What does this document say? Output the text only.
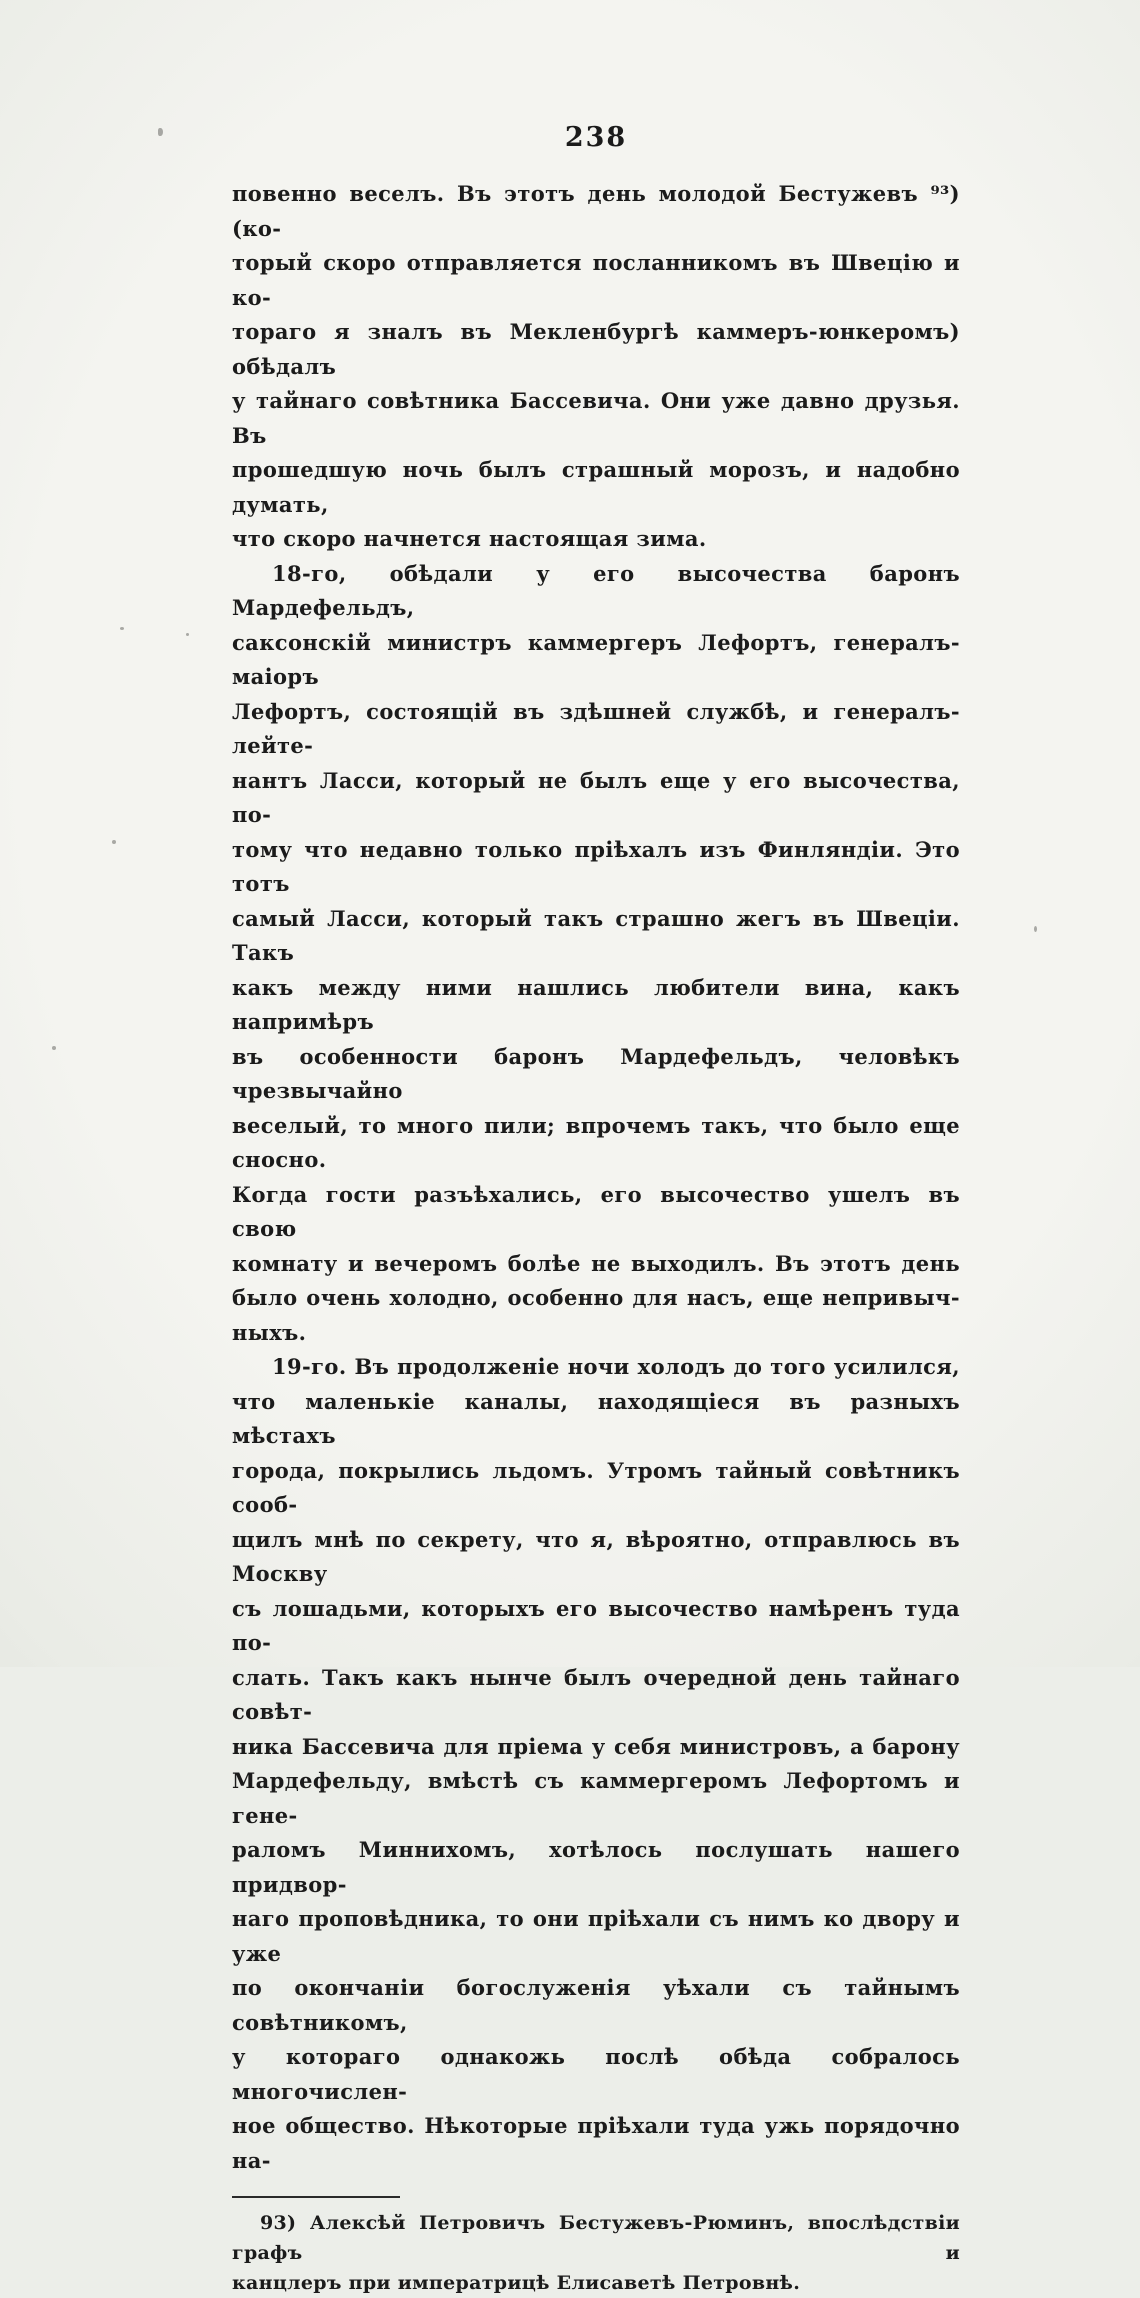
238
повенно веселъ. Въ этотъ день молодой Бестужевъ ⁹³) (ко-
торый скоро отправляется посланникомъ въ Швецію и ко-
тораго я зналъ въ Мекленбургѣ каммеръ-юнкеромъ) обѣдалъ
у тайнаго совѣтника Бассевича. Они уже давно друзья. Въ
прошедшую ночь былъ страшный морозъ, и надобно думать,
что скоро начнется настоящая зима.
18-го, обѣдали у его высочества баронъ Мардефельдъ,
саксонскій министръ каммергеръ Лефортъ, генералъ-маіоръ
Лефортъ, состоящій въ здѣшней службѣ, и генералъ-лейте-
нантъ Ласси, который не былъ еще у его высочества, по-
тому что недавно только пріѣхалъ изъ Финляндіи. Это тотъ
самый Ласси, который такъ страшно жегъ въ Швеціи. Такъ
какъ между ними нашлись любители вина, какъ напримѣръ
въ особенности баронъ Мардефельдъ, человѣкъ чрезвычайно
веселый, то много пили; впрочемъ такъ, что было еще сносно.
Когда гости разъѣхались, его высочество ушелъ въ свою
комнату и вечеромъ болѣе не выходилъ. Въ этотъ день
было очень холодно, особенно для насъ, еще непривыч-
ныхъ.
19-го. Въ продолженіе ночи холодъ до того усилился,
что маленькіе каналы, находящіеся въ разныхъ мѣстахъ
города, покрылись льдомъ. Утромъ тайный совѣтникъ сооб-
щилъ мнѣ по секрету, что я, вѣроятно, отправлюсь въ Москву
съ лошадьми, которыхъ его высочество намѣренъ туда по-
слать. Такъ какъ нынче былъ очередной день тайнаго совѣт-
ника Бассевича для пріема у себя министровъ, а барону
Мардефельду, вмѣстѣ съ каммергеромъ Лефортомъ и гене-
раломъ Миннихомъ, хотѣлось послушать нашего придвор-
наго проповѣдника, то они пріѣхали съ нимъ ко двору и уже
по окончаніи богослуженія уѣхали съ тайнымъ совѣтникомъ,
у котораго однакожь послѣ обѣда собралось многочислен-
ное общество. Нѣкоторые пріѣхали туда ужь порядочно на-
93) Алексѣй Петровичъ Бестужевъ-Рюминъ, впослѣдствіи графъ и
канцлеръ при императрицѣ Елисаветѣ Петровнѣ.
